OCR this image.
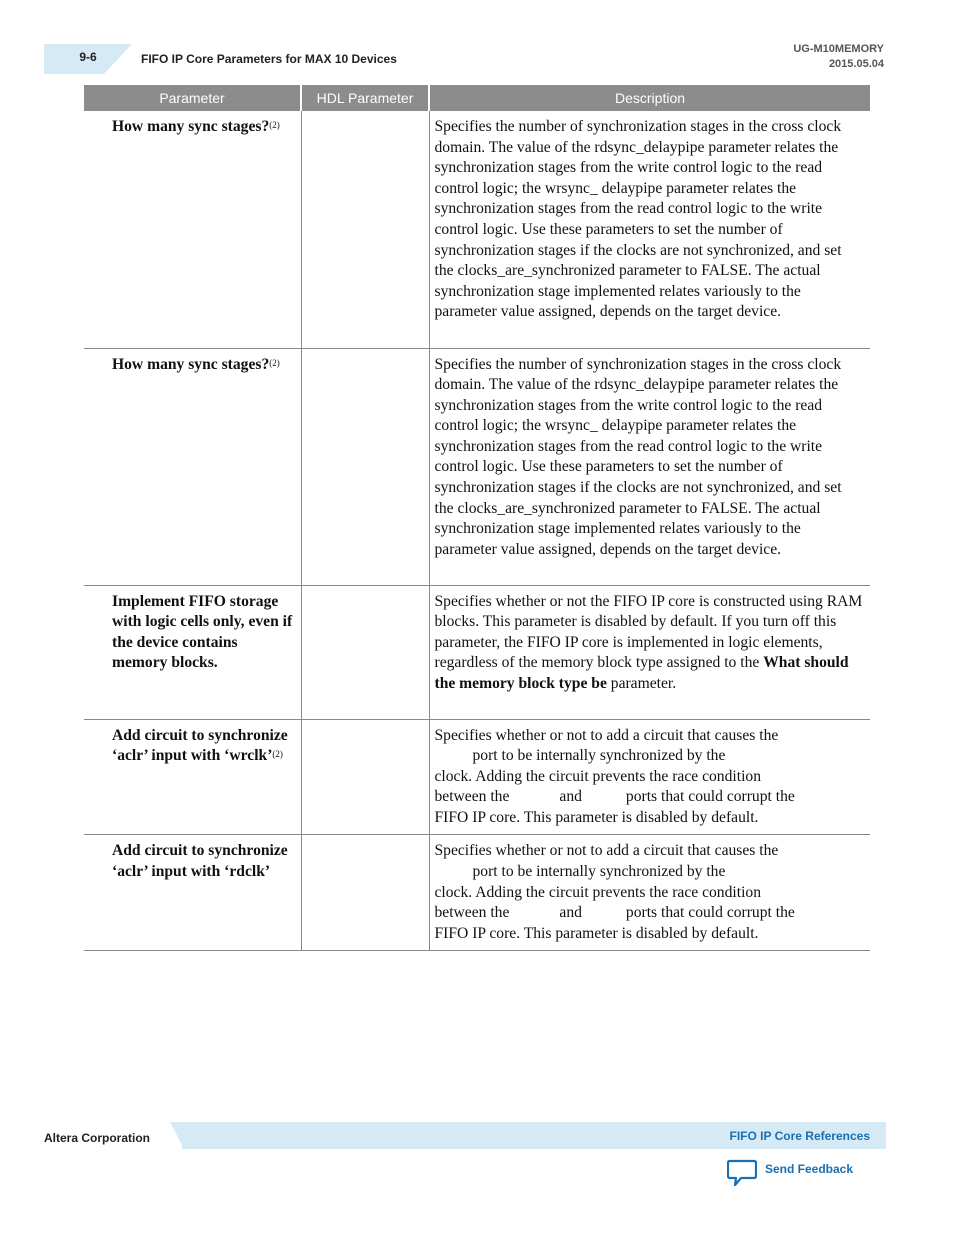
9-6	FIFO IP Core Parameters for MAX 10 Devices
UG-M10MEMORY
2015.05.04
Parameter	HDL Parameter	Description
How many sync stages?$^{(2)}$		Specifies the number of synchronization stages in the cross clock domain. The value of the rdsync_delaypipe parameter relates the synchronization stages from the write control logic to the read control logic; the wrsync_ delaypipe parameter relates the synchronization stages from the read control logic to the write control logic. Use these parameters to set the number of synchronization stages if the clocks are not synchronized, and set the clocks_are_synchronized parameter to FALSE. The actual synchronization stage implemented relates variously to the parameter value assigned, depends on the target device.
How many sync stages?$^{(2)}$		Specifies the number of synchronization stages in the cross clock domain. The value of the rdsync_delaypipe parameter relates the synchronization stages from the write control logic to the read control logic; the wrsync_ delaypipe parameter relates the synchronization stages from the read control logic to the write control logic. Use these parameters to set the number of synchronization stages if the clocks are not synchronized, and set the clocks_are_synchronized parameter to FALSE. The actual synchronization stage implemented relates variously to the parameter value assigned, depends on the target device.
Implement FIFO storage with logic cells only, even if the device contains memory blocks.		Specifies whether or not the FIFO IP core is constructed using RAM blocks. This parameter is disabled by default. If you turn off this parameter, the FIFO IP core is implemented in logic elements, regardless of the memory block type assigned to the What should the memory block type be parameter.
Add circuit to synchronize ‘aclr’ input with ‘wrclk’$^{(2)}$		Specifies whether or not to add a circuit that causes the
port to be internally synchronized by the
clock. Adding the circuit prevents the race condition
between the and ports that could corrupt the
FIFO IP core. This parameter is disabled by default.

Add circuit to synchronize ‘aclr’ input with ‘rdclk’		Specifies whether or not to add a circuit that causes the
port to be internally synchronized by the
clock. Adding the circuit prevents the race condition
between the and ports that could corrupt the
FIFO IP core. This parameter is disabled by default.
Altera Corporation	FIFO IP Core References
Send Feedback
